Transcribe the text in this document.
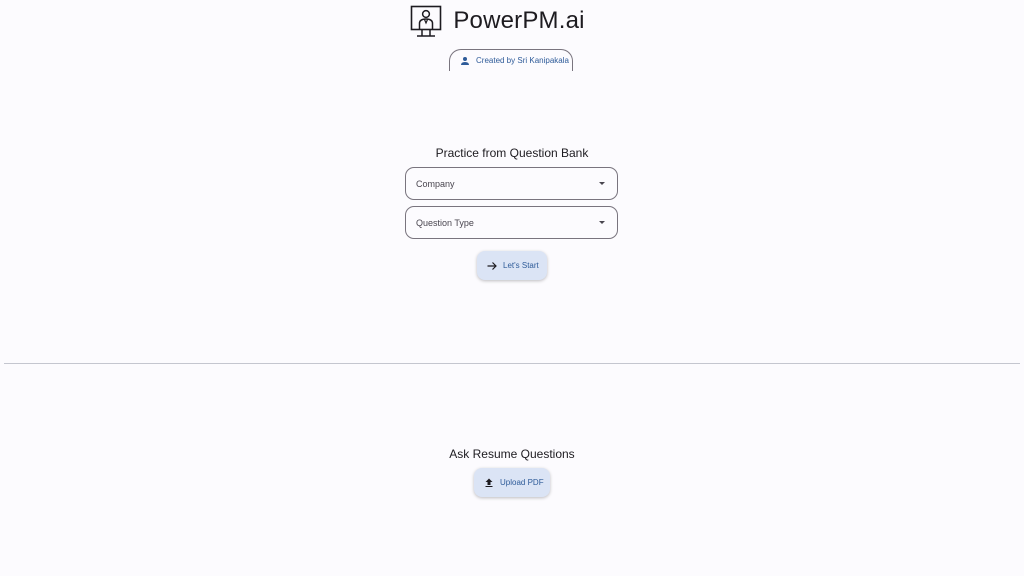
PowerPM.ai
Created by Sri Kanipakala
Practice from Question Bank
Company
Question Type
Let's Start
Ask Resume Questions
Upload PDF
